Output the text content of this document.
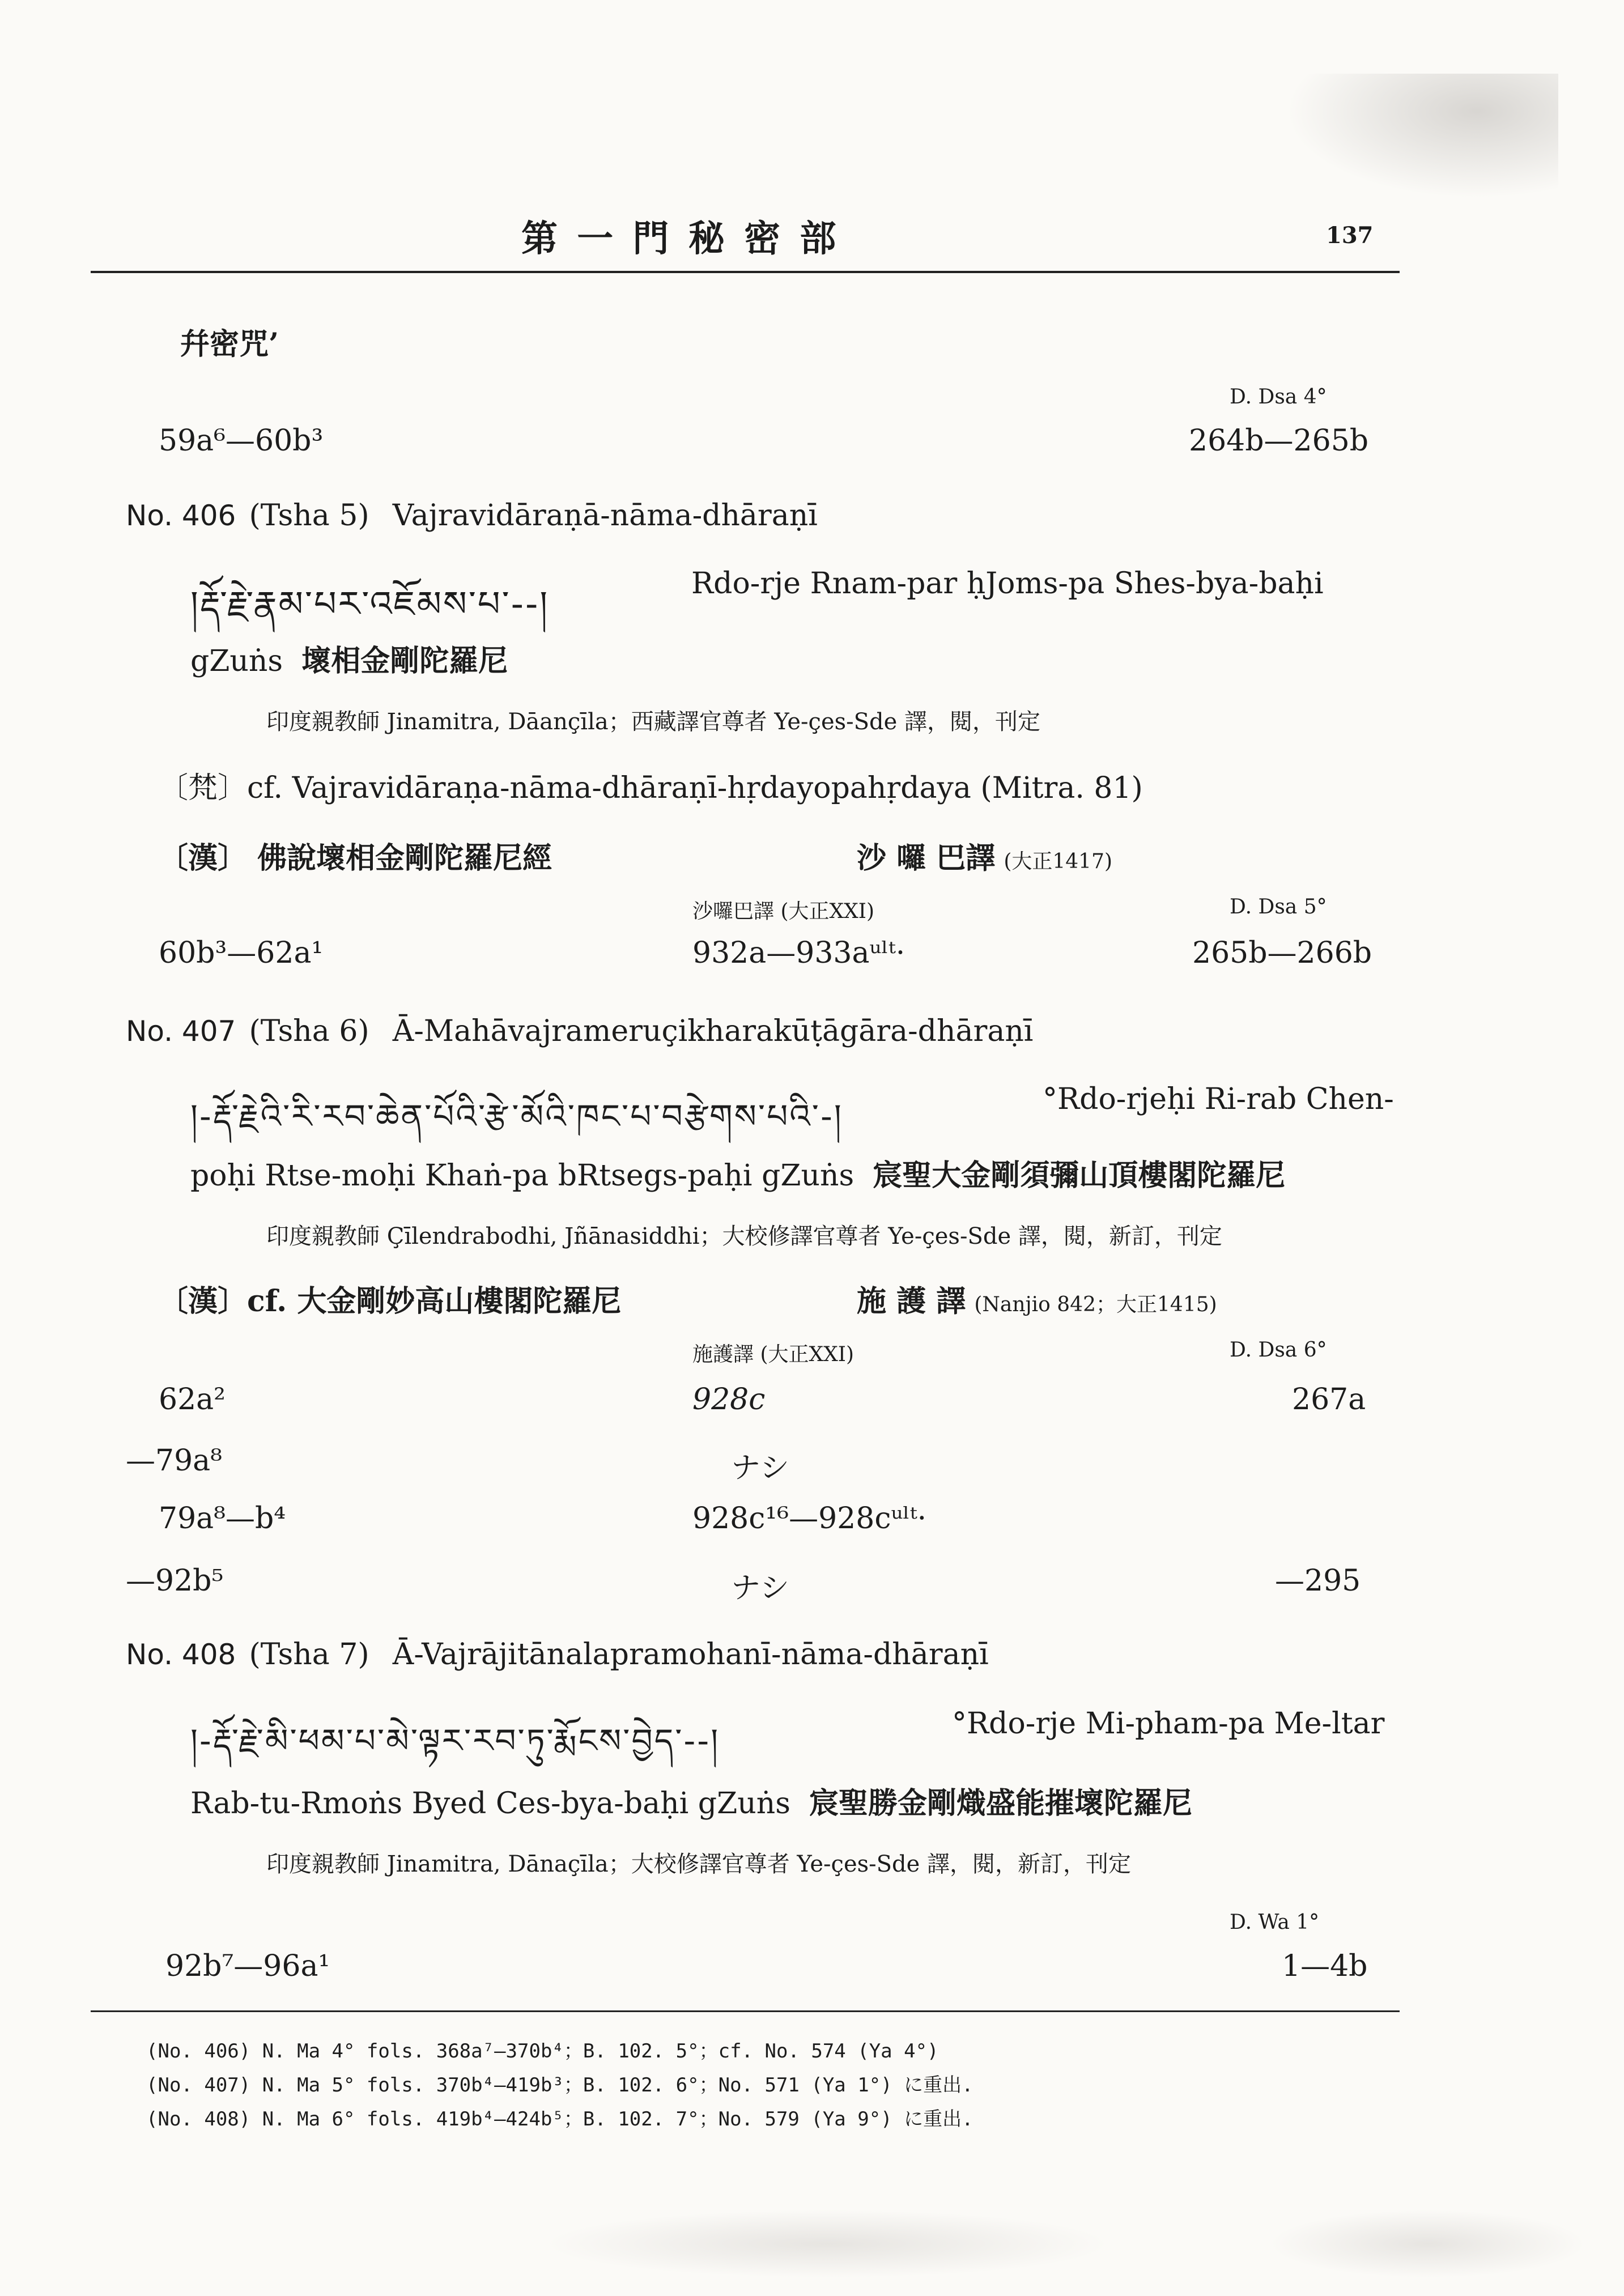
第 一 門 秘 密 部	137
幷密咒’
D. Dsa 4°
59a⁶—60b³	264b—265b
No. 406 (Tsha 5) Vajravidāraṇā-nāma-dhāraṇī
།རྡོ་རྗེ་རྣམ་པར་འཇོམས་པ་--།	Rdo-rje Rnam-par ḥJoms-pa Shes-bya-baḥi
gZuṅs 壞相金剛陀羅尼
印度親教師 Jinamitra, Dāançīla；西藏譯官尊者 Ye-çes-Sde 譯，閱，刊定
〔梵〕cf. Vajravidāraṇa-nāma-dhāraṇī-hṛdayopahṛdaya (Mitra. 81)
〔漢〕 佛說壞相金剛陀羅尼經	沙 囉 巴譯 (大正1417)
沙囉巴譯 (大正XXI)	D. Dsa 5°
60b³—62a¹	932a—933aᵘˡᵗ·	265b—266b
No. 407 (Tsha 6) Ā-Mahāvajrameruçikharakūṭāgāra-dhāraṇī
།-རྡོ་རྗེའི་རི་རབ་ཆེན་པོའི་རྩེ་མོའི་ཁང་པ་བརྩེགས་པའི་-།	°Rdo-rjeḥi Ri-rab Chen-
poḥi Rtse-moḥi Khaṅ-pa bRtsegs-paḥi gZuṅs 宸聖大金剛須彌山頂樓閣陀羅尼
印度親教師 Çīlendrabodhi, Jñānasiddhi；大校修譯官尊者 Ye-çes-Sde 譯，閱，新訂，刊定
〔漢〕cf. 大金剛妙高山樓閣陀羅尼	施 護 譯 (Nanjio 842；大正1415)
施護譯 (大正XXI)	D. Dsa 6°
62a²	928c	267a
—79a⁸	ナシ
79a⁸—b⁴	928c¹⁶—928cᵘˡᵗ·
—92b⁵	ナシ	—295
No. 408 (Tsha 7) Ā-Vajrājitānalapramohanī-nāma-dhāraṇī
།-རྡོ་རྗེ་མི་ཕམ་པ་མེ་ལྟར་རབ་ཏུ་རྨོངས་བྱེད་--།	°Rdo-rje Mi-pham-pa Me-ltar
Rab-tu-Rmoṅs Byed Ces-bya-baḥi gZuṅs 宸聖勝金剛熾盛能摧壞陀羅尼
印度親教師 Jinamitra, Dānaçīla；大校修譯官尊者 Ye-çes-Sde 譯，閱，新訂，刊定
D. Wa 1°
92b⁷—96a¹	1—4b
(No. 406) N. Ma 4° fols. 368a⁷—370b⁴；B. 102. 5°；cf. No. 574 (Ya 4°)
(No. 407) N. Ma 5° fols. 370b⁴—419b³；B. 102. 6°；No. 571 (Ya 1°) に重出.
(No. 408) N. Ma 6° fols. 419b⁴—424b⁵；B. 102. 7°；No. 579 (Ya 9°) に重出.
